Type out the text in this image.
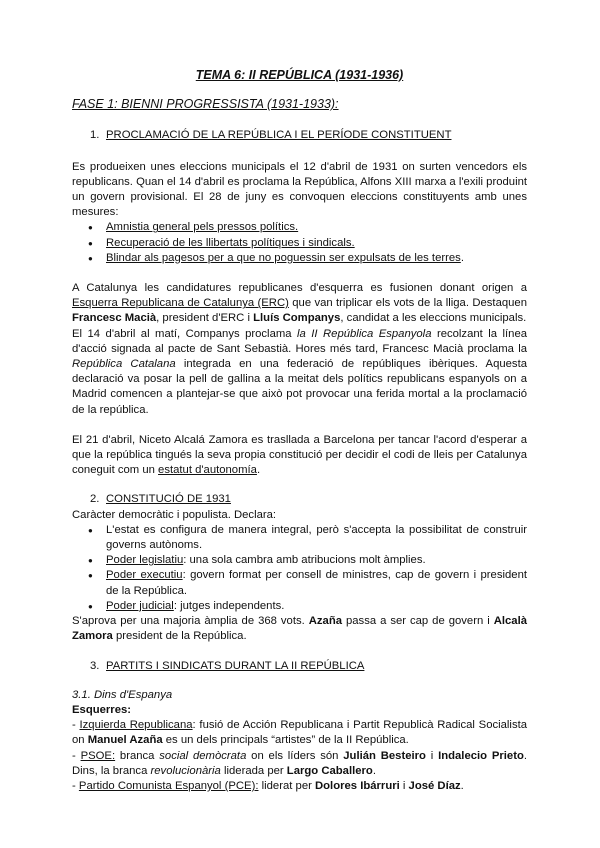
TEMA 6: II REPÚBLICA (1931-1936)
FASE 1: BIENNI PROGRESSISTA (1931-1933):
1. PROCLAMACIÓ DE LA REPÚBLICA I EL PERÍODE CONSTITUENT

Es produeixen unes eleccions municipals el 12 d'abril de 1931 on surten vencedors els republicans. Quan el 14 d'abril es proclama la República, Alfons XIII marxa a l'exili produint un govern provisional. El 28 de juny es convoquen eleccions constituyents amb unes mesures:

● Amnistia general pels pressos polítics.
● Recuperació de les llibertats polítiques i sindicals.
● Blindar als pagesos per a que no poguessin ser expulsats de les terres.

A Catalunya les candidatures republicanes d'esquerra es fusionen donant origen a Esquerra Republicana de Catalunya (ERC) que van triplicar els vots de la lliga. Destaquen Francesc Macià, president d'ERC i Lluís Companys, candidat a les eleccions municipals.

El 14 d'abril al matí, Companys proclama la II República Espanyola recolzant la línea d'acció signada al pacte de Sant Sebastià. Hores més tard, Francesc Macià proclama la República Catalana integrada en una federació de repúbliques ibèriques. Aquesta declaració va posar la pell de gallina a la meitat dels polítics republicans espanyols on a Madrid comencen a plantejar-se que això pot provocar una ferida mortal a la proclamació de la república.

El 21 d'abril, Niceto Alcalá Zamora es trasllada a Barcelona per tancar l'acord d'esperar a que la república tingués la seva propia constitució per decidir el codi de lleis per Catalunya coneguit com un estatut d'autonomía.

2. CONSTITUCIÓ DE 1931

Caràcter democràtic i populista. Declara:

● L'estat es configura de manera integral, però s'accepta la possibilitat de construir governs autònoms.
● Poder legislatiu: una sola cambra amb atribucions molt àmplies.
● Poder executiu: govern format per consell de ministres, cap de govern i president de la República.
● Poder judicial: jutges independents.

S'aprova per una majoria àmplia de 368 vots. Azaña passa a ser cap de govern i Alcalà Zamora president de la República.

3. PARTITS I SINDICATS DURANT LA II REPÚBLICA

3.1. Dins d'Espanya

Esquerres:

- Izquierda Republicana: fusió de Acción Republicana i Partit Republicà Radical Socialista on Manuel Azaña es un dels principals “artistes” de la II República.

- PSOE: branca social demòcrata on els líders són Julián Besteiro i Indalecio Prieto. Dins, la branca revolucionària liderada per Largo Caballero.

- Partido Comunista Espanyol (PCE): liderat per Dolores Ibárruri i José Díaz.
